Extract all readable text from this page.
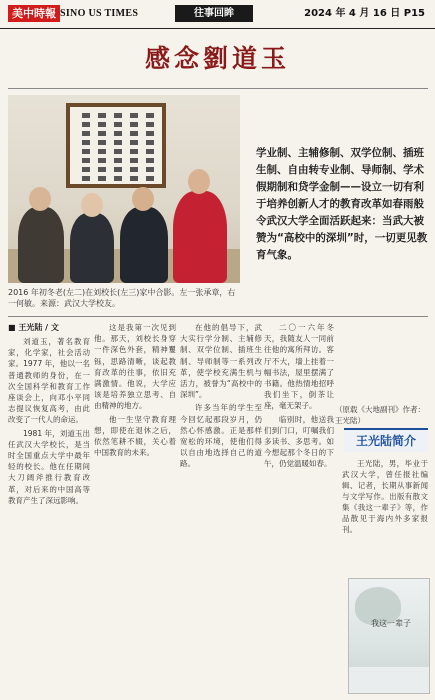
美中時報 SINO US TIMES	往事回眸	2024 年 4 月 16 日 P15
感念劉道玉
2016 年初冬老(左二)在刘校长(左三)家中合影。左一张承章，右一何敏。来源：武汉大学校友。
学业制、主辅修制、双学位制、插班生制、自由转专业制、导师制、学术假期制和贷学金制——设立一切有利于培养创新人才的教育改革如春雨般令武汉大学全面活跃起来：当武大被赞为“高校中的深圳”时，一切更见教育气象。
■ 王光陆 / 文

刘道玉，著名教育家，化学家，社会活动家。1977 年，他以一名普通教师的身份，在一次全国科学和教育工作座谈会上，向邓小平同志提议恢复高考，由此改变了一代人的命运。

1981 年，刘道玉出任武汉大学校长，是当时全国重点大学中最年轻的校长。他在任期间大刀阔斧推行教育改革，对后来的中国高等教育产生了深远影响。

这是我第一次见到他。那天，刘校长身穿一件深色外套，精神矍铄，思路清晰，谈起教育改革的往事，依旧充满激情。他说，大学应该是培养独立思考、自由精神的地方。

他一生坚守教育理想，即使在退休之后，依然笔耕不辍，关心着中国教育的未来。

在他的倡导下，武大实行学分制、主辅修制、双学位制、插班生制、导师制等一系列改革，使学校充满生机与活力，被誉为“高校中的深圳”。

许多当年的学生至今回忆起那段岁月，仍然心怀感激。正是那样宽松的环境，使他们得以自由地选择自己的道路。

二〇一六年冬天，我随友人一同前往他的寓所拜访。客厅不大，墙上挂着一幅书法，屋里摆满了书籍。他热情地招呼我们坐下，倒茶让座，毫无架子。

临别时，他送我们到门口，叮嘱我们多读书、多思考。如今想起那个冬日的下午，仍觉温暖如春。

（原载《大地副刊》作者：王光陆）
王光陆简介

王光陆，男，毕业于武汉大学，曾任报社编辑、记者，长期从事新闻与文学写作。出版有散文集《我这一辈子》等，作品散见于海内外多家报刊。

我这一辈子
